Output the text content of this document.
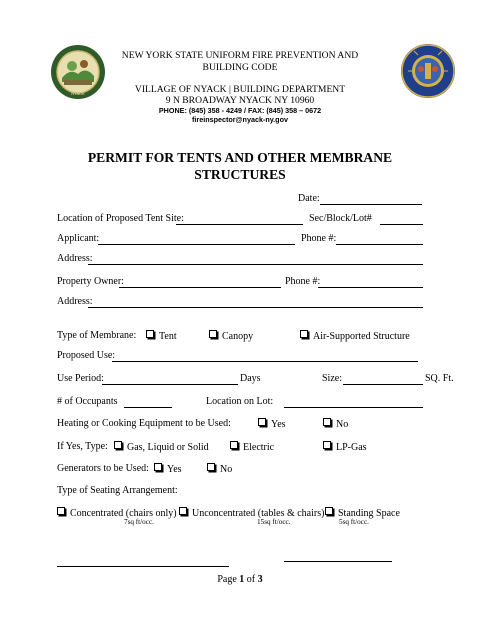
NYACK
NEW YORK STATE UNIFORM FIRE PREVENTION AND
BUILDING CODE
VILLAGE OF NYACK | BUILDING DEPARTMENT
9 N BROADWAY NYACK NY 10960
PHONE: (845) 358 - 4249 / FAX: (845) 358 – 0672
fireinspector@nyack-ny.gov
PERMIT FOR TENTS AND OTHER MEMBRANE
STRUCTURES
Date:
Location of Proposed Tent Site:	Sec/Block/Lot#
Applicant:	Phone #:
Address:
Property Owner:	Phone #:
Address:
Type of Membrane:	Tent	Canopy	Air-Supported Structure
Proposed Use:
Use Period:	Days	Size:	SQ. Ft.
# of Occupants	Location on Lot:
Heating or Cooking Equipment to be Used:	Yes	No
If Yes, Type:	Gas, Liquid or Solid	Electric	LP-Gas
Generators to be Used:	Yes	No
Type of Seating Arrangement:
Concentrated (chairs only)	Unconcentrated (tables & chairs)	Standing Space
7sq ft/occ.	15sq ft/occ.	5sq ft/occ.
Page 1 of 3
